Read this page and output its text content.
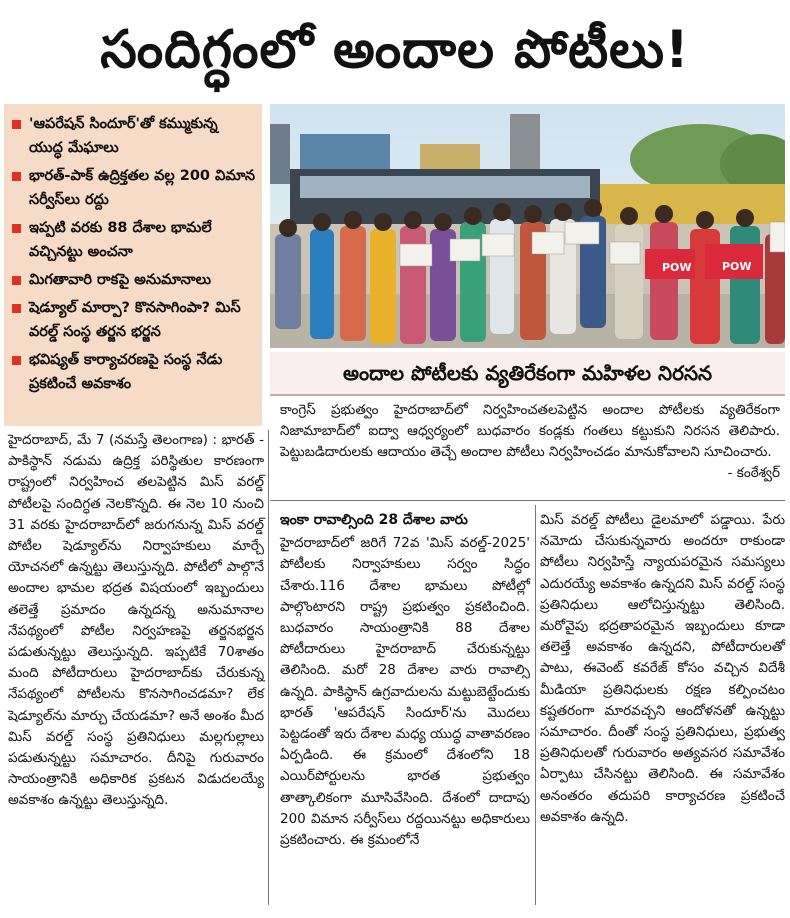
సందిగ్ధంలో అందాల పోటీలు!
'ఆపరేషన్ సిందూర్'తో కమ్ముకున్న యుద్ధ మేఘాలు
భారత్-పాక్ ఉద్రిక్తతల వల్ల 200 విమాన సర్వీస్‌లు రద్దు
ఇప్పటి వరకు 88 దేశాల భామలే వచ్చినట్టు అంచనా
మిగతావారి రాకపై అనుమానాలు
షెడ్యూల్ మార్పా? కొనసాగింపా? మిస్ వరల్డ్ సంస్థ తర్జన భర్జన
భవిష్యత్ కార్యాచరణపై సంస్థ నేడు ప్రకటించే అవకాశం
POW	POW
అందాల పోటీలకు వ్యతిరేకంగా మహిళల నిరసన
కాంగ్రెస్ ప్రభుత్వం హైదరాబాద్‌లో నిర్వహించతలపెట్టిన అందాల పోటీలకు వ్యతిరేకంగా నిజామాబాద్‌లో ఐద్వా ఆధ్వర్యంలో బుధవారం కండ్లకు గంతలు కట్టుకుని నిరసన తెలిపారు. పెట్టుబడిదారులకు ఆదాయం తెచ్చే అందాల పోటీలు నిర్వహించడం మానుకోవాలని సూచించారు.
- కంఠేశ్వర్
హైదరాబాద్, మే 7 (నమస్తే తెలంగాణ) : భారత్ - పాకిస్థాన్ నడుమ ఉద్రిక్త పరిస్థితుల కారణంగా రాష్ట్రంలో నిర్వహించ తలపెట్టిన మిస్ వరల్డ్ పోటీలపై సందిగ్ధత నెలకొన్నది. ఈ నెల 10 నుంచి 31 వరకు హైదరాబాద్‌లో జరుగనున్న మిస్ వరల్డ్ పోటీల షెడ్యూల్‌ను నిర్వాహకులు మార్చే యోచనలో ఉన్నట్టు తెలుస్తున్నది. పోటీలో పాల్గొనే అందాల భామల భద్రత విషయంలో ఇబ్బందులు తలెత్తే ప్రమాదం ఉన్నదన్న అనుమానాల నేపథ్యంలో పోటీల నిర్వహణపై తర్జనభర్జన పడుతున్నట్టు తెలుస్తున్నది. ఇప్పటికే 70శాతం మంది పోటీదారులు హైదరాబాద్‌కు చేరుకున్న నేపథ్యంలో పోటీలను కొనసాగించడమా? లేక షెడ్యూల్‌ను మార్చు చేయడమా? అనే అంశం మీద మిస్ వరల్డ్ సంస్థ ప్రతినిధులు మల్లగుల్లాలు పడుతున్నట్టు సమాచారం. దీనిపై గురువారం సాయంత్రానికి అధికారిక ప్రకటన విడుదలయ్యే అవకాశం ఉన్నట్టు తెలుస్తున్నది.
ఇంకా రావాల్సింది 28 దేశాల వారు
హైదరాబాద్‌లో జరిగే 72వ 'మిస్ వరల్డ్-2025' పోటీలకు నిర్వాహకులు సర్వం సిద్ధం చేశారు.116 దేశాల భామలు పోటీల్లో పాల్గొంటారని రాష్ట్ర ప్రభుత్వం ప్రకటించింది. బుధవారం సాయంత్రానికి 88 దేశాల పోటీదారులు హైదరాబాద్ చేరుకున్నట్టు తెలిసింది. మరో 28 దేశాల వారు రావాల్సి ఉన్నది. పాకిస్థాన్ ఉగ్రవాదులను మట్టుబెట్టేందుకు భారత్ 'ఆపరేషన్ సిందూర్'ను మొదలు పెట్టడంతో ఇరు దేశాల మధ్య యుద్ధ వాతావరణం ఏర్పడింది. ఈ క్రమంలో దేశంలోని 18 ఎయిర్‌పోర్టులను భారత ప్రభుత్వం తాత్కాలికంగా మూసివేసింది. దేశంలో దాదాపు 200 విమాన సర్వీస్‌లు రద్దయినట్టు అధికారులు ప్రకటించారు. ఈ క్రమంలోనే
మిస్ వరల్డ్ పోటీలు డైలమాలో పడ్డాయి. పేరు నమోదు చేసుకున్నవారు అందరూ రాకుండా పోటీలు నిర్వహిస్తే న్యాయపరమైన సమస్యలు ఎదురయ్యే అవకాశం ఉన్నదని మిస్ వరల్డ్ సంస్థ ప్రతినిధులు ఆలోచిస్తున్నట్టు తెలిసింది. మరోవైపు భద్రతాపరమైన ఇబ్బందులు కూడా తలెత్తే అవకాశం ఉన్నదని, పోటీదారులతో పాటు, ఈవెంట్ కవరేజ్ కోసం వచ్చిన విదేశీ మీడియా ప్రతినిధులకు రక్షణ కల్పించటం కష్టతరంగా మారవచ్చని ఆందోళనతో ఉన్నట్టు సమాచారం. దీంతో సంస్థ ప్రతినిధులు, ప్రభుత్వ ప్రతినిధులతో గురువారం అత్యవసర సమావేశం ఏర్పాటు చేసినట్టు తెలిసింది. ఈ సమావేశం అనంతరం తదుపరి కార్యాచరణ ప్రకటించే అవకాశం ఉన్నది.
